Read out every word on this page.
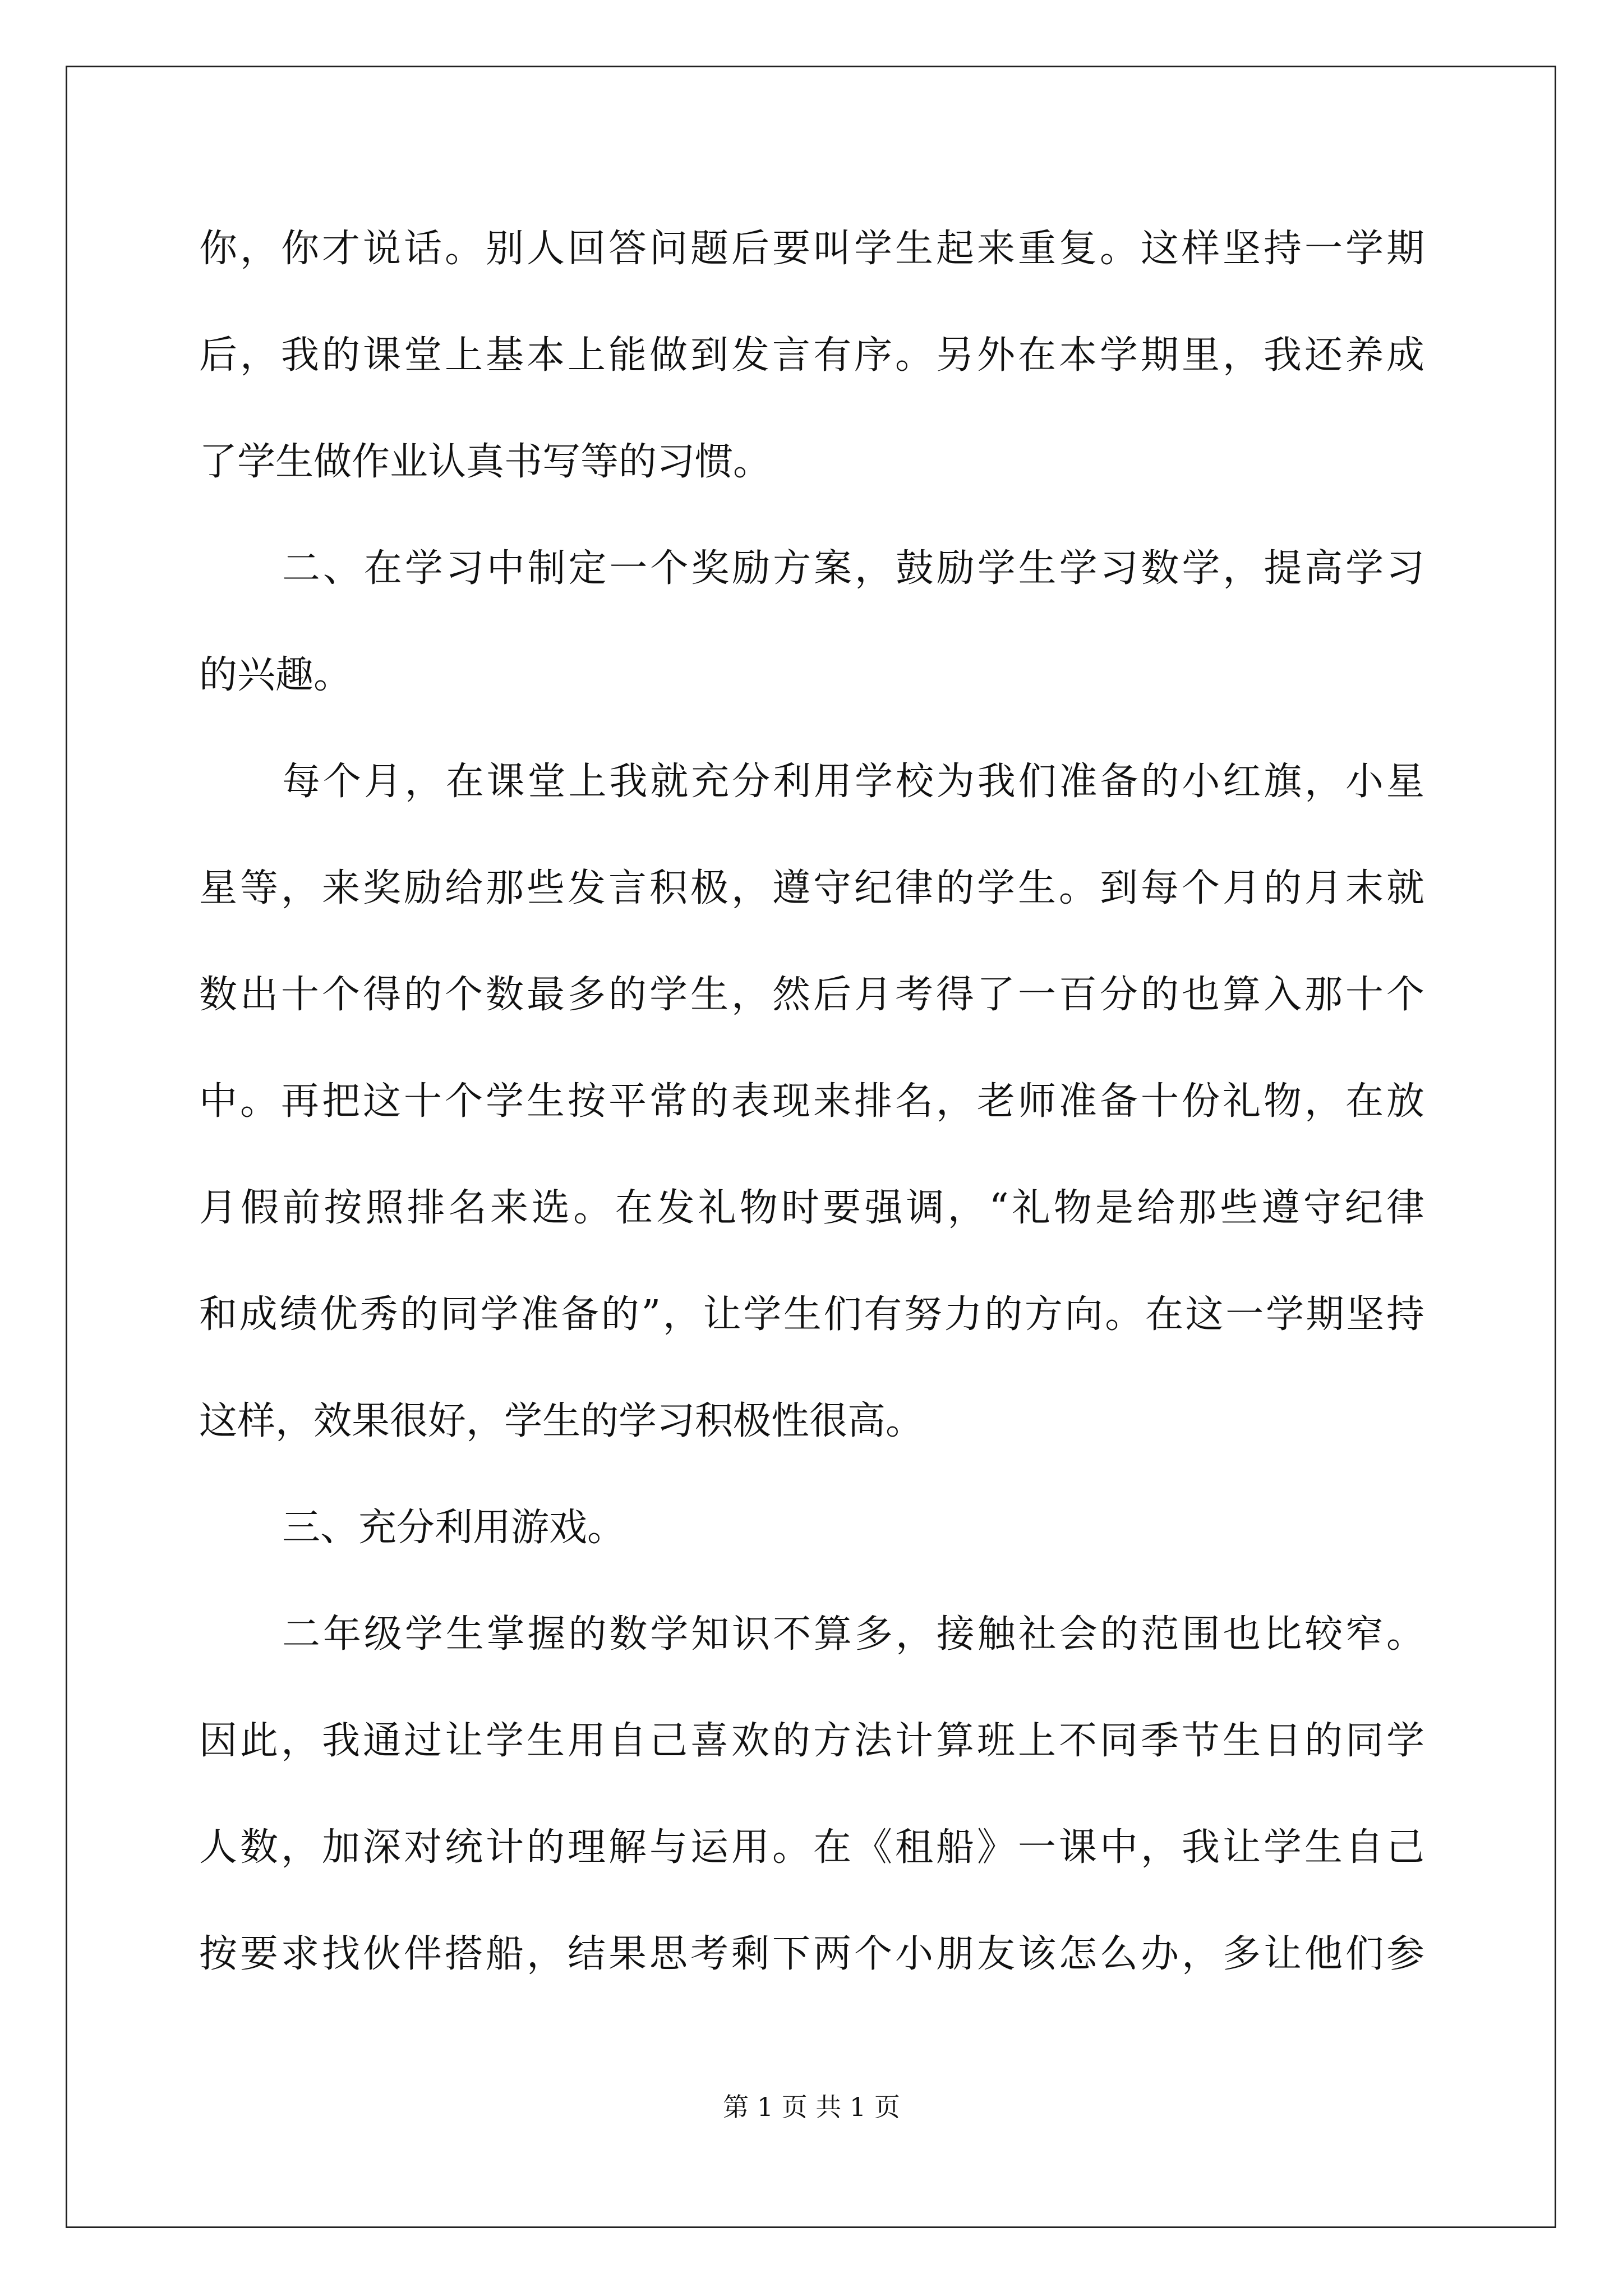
你，你才说话。别人回答问题后要叫学生起来重复。这样坚持一学期
后，我的课堂上基本上能做到发言有序。另外在本学期里，我还养成
了学生做作业认真书写等的习惯。
二、在学习中制定一个奖励方案，鼓励学生学习数学，提高学习
的兴趣。
每个月，在课堂上我就充分利用学校为我们准备的小红旗，小星
星等，来奖励给那些发言积极，遵守纪律的学生。到每个月的月末就
数出十个得的个数最多的学生，然后月考得了一百分的也算入那十个
中。再把这十个学生按平常的表现来排名，老师准备十份礼物，在放
月假前按照排名来选。在发礼物时要强调，“礼物是给那些遵守纪律
和成绩优秀的同学准备的”，让学生们有努力的方向。在这一学期坚持
这样，效果很好，学生的学习积极性很高。
三、充分利用游戏。
二年级学生掌握的数学知识不算多，接触社会的范围也比较窄。
因此，我通过让学生用自己喜欢的方法计算班上不同季节生日的同学
人数，加深对统计的理解与运用。在《租船》一课中，我让学生自己
按要求找伙伴搭船，结果思考剩下两个小朋友该怎么办，多让他们参
第 1 页 共 1 页
